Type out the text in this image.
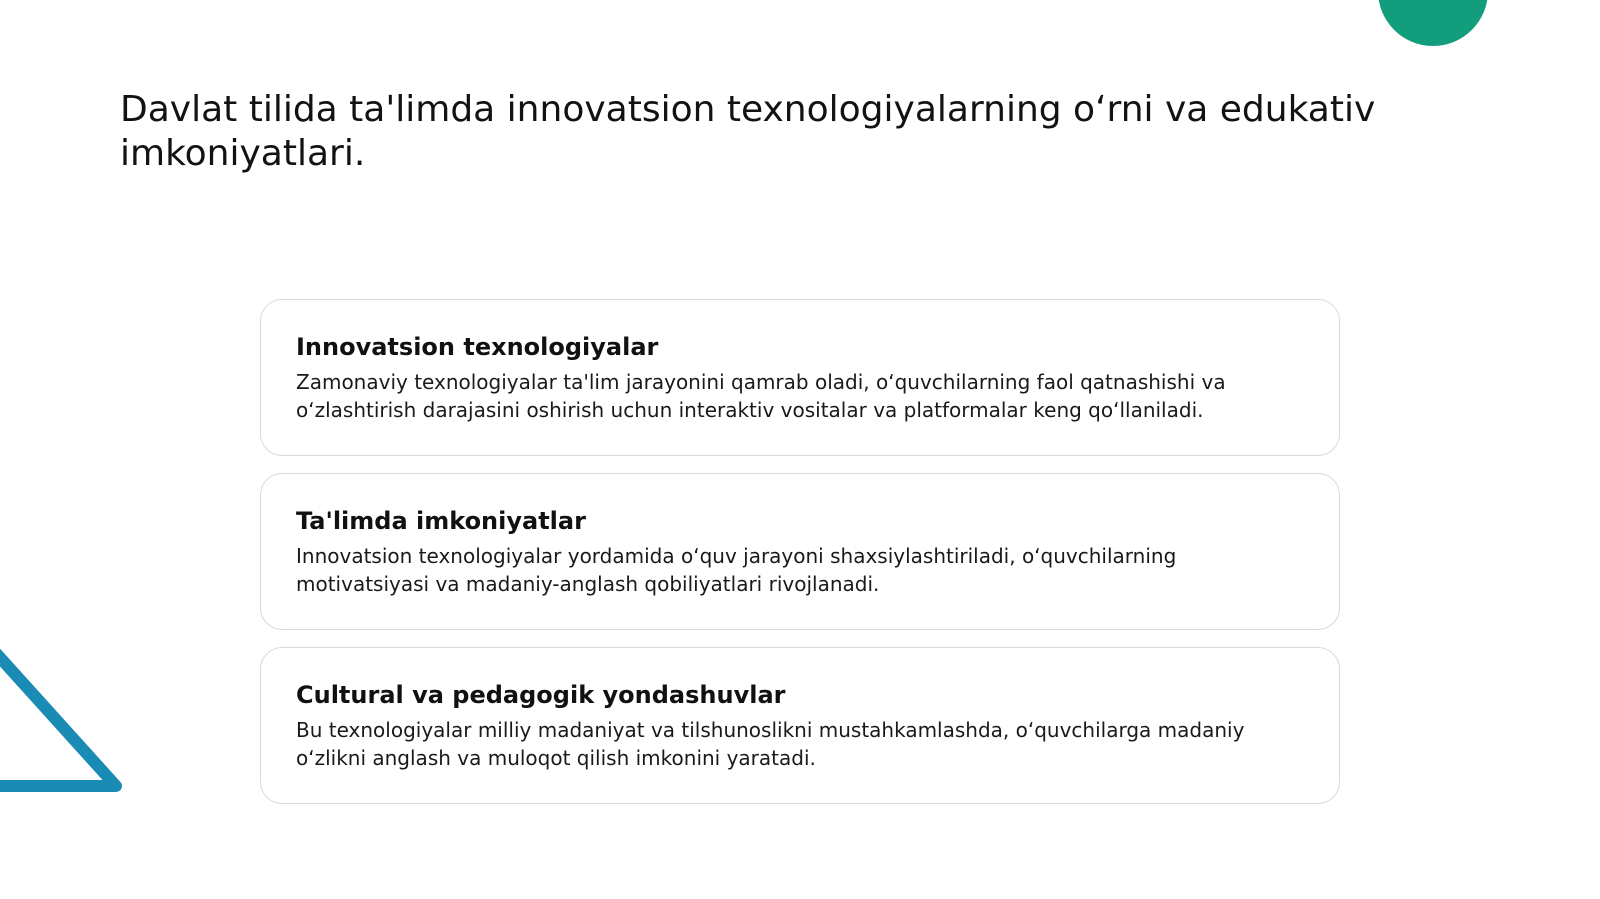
Davlat tilida ta'limda innovatsion texnologiyalarning o‘rni va edukativ imkoniyatlari.
Innovatsion texnologiyalar

Zamonaviy texnologiyalar ta'lim jarayonini qamrab oladi, o‘quvchilarning faol qatnashishi va o‘zlashtirish darajasini oshirish uchun interaktiv vositalar va platformalar keng qo‘llaniladi.

Ta'limda imkoniyatlar

Innovatsion texnologiyalar yordamida o‘quv jarayoni shaxsiylashtiriladi, o‘quvchilarning motivatsiyasi va madaniy-anglash qobiliyatlari rivojlanadi.

Cultural va pedagogik yondashuvlar

Bu texnologiyalar milliy madaniyat va tilshunoslikni mustahkamlashda, o‘quvchilarga madaniy o‘zlikni anglash va muloqot qilish imkonini yaratadi.
